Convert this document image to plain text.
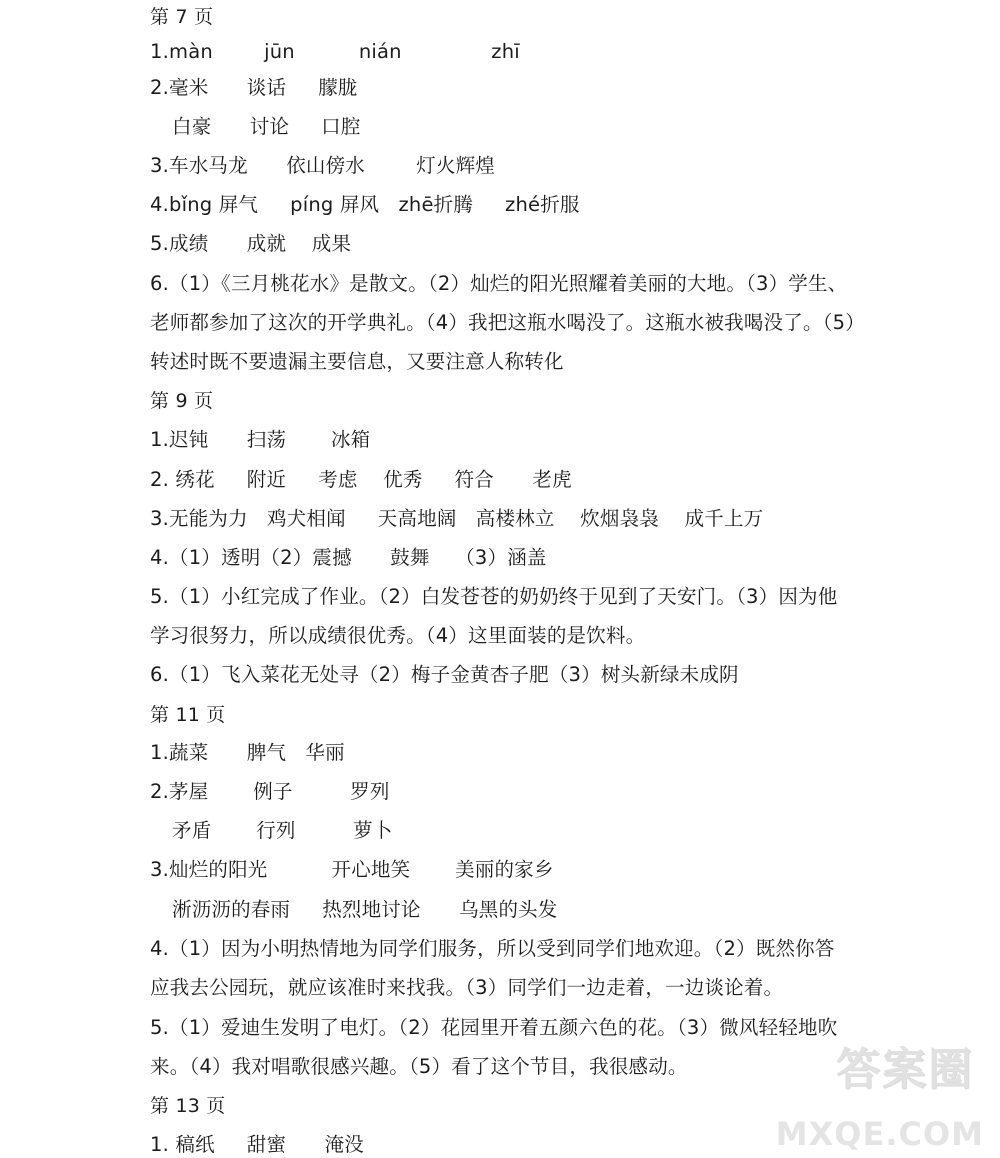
第 7 页
1.màn        jūn          nián              zhī
2.毫米      谈话     朦胧
白豪      讨论     口腔
3.车水马龙      依山傍水        灯火辉煌
4.bǐng 屏气     píng 屏风   zhē折腾     zhé折服
5.成绩      成就    成果
6.（1）《三月桃花水》是散文。（2）灿烂的阳光照耀着美丽的大地。（3）学生、
老师都参加了这次的开学典礼。（4）我把这瓶水喝没了。这瓶水被我喝没了。（5）
转述时既不要遗漏主要信息，又要注意人称转化
第 9 页
1.迟钝      扫荡       冰箱
2. 绣花     附近     考虑    优秀     符合      老虎
3.无能为力   鸡犬相闻     天高地阔   高楼林立    炊烟袅袅    成千上万
4.（1）透明（2）震撼      鼓舞    （3）涵盖
5.（1）小红完成了作业。（2）白发苍苍的奶奶终于见到了天安门。（3）因为他
学习很努力，所以成绩很优秀。（4）这里面装的是饮料。
6.（1）飞入菜花无处寻（2）梅子金黄杏子肥（3）树头新绿未成阴
第 11 页
1.蔬菜      脾气   华丽
2.茅屋       例子         罗列
矛盾       行列         萝卜
3.灿烂的阳光          开心地笑       美丽的家乡
淅沥沥的春雨     热烈地讨论      乌黑的头发
4.（1）因为小明热情地为同学们服务，所以受到同学们地欢迎。（2）既然你答
应我去公园玩，就应该准时来找我。（3）同学们一边走着，一边谈论着。
5.（1）爱迪生发明了电灯。（2）花园里开着五颜六色的花。（3）微风轻轻地吹
来。（4）我对唱歌很感兴趣。（5）看了这个节目，我很感动。
第 13 页
1. 稿纸     甜蜜      淹没
答案圈
MXQE.COM
